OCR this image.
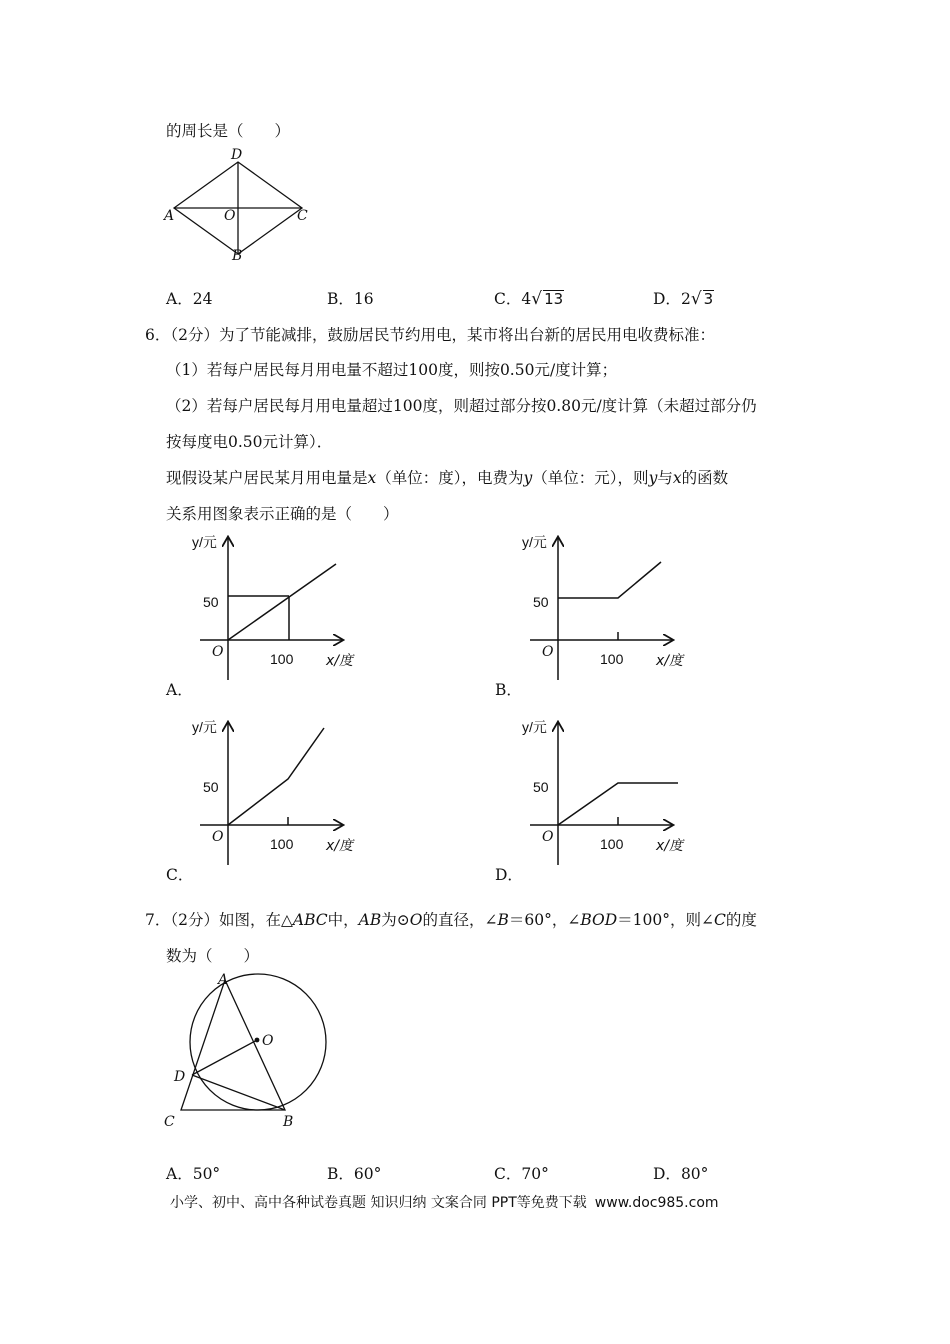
的周长是（　　）
D
A	O	C
B
A．24	B．16	C．4√ 13	D．2√ 3
6．（2分）为了节能减排，鼓励居民节约用电，某市将出台新的居民用电收费标准：
（1）若每户居民每月用电量不超过100度，则按0.50元/度计算；
（2）若每户居民每月用电量超过100度，则超过部分按0.80元/度计算（未超过部分仍
按每度电0.50元计算）．
现假设某户居民某月用电量是x（单位：度），电费为y（单位：元），则y与x的函数
关系用图象表示正确的是（　　）
y/元
50
O	100 x/度
A．
y/元
50
O	100 x/度
B．
y/元
50
O	100 x/度
C．
y/元
50
O	100 x/度
D．
7．（2分）如图，在△ABC中，AB为⊙O的直径，∠B＝60°，∠BOD＝100°，则∠C的度
数为（　　）
A
O
D
C	B
A．50°	B．60°	C．70°	D．80°
小学、初中、高中各种试卷真题 知识归纳 文案合同 PPT等免费下载 www.doc985.com
